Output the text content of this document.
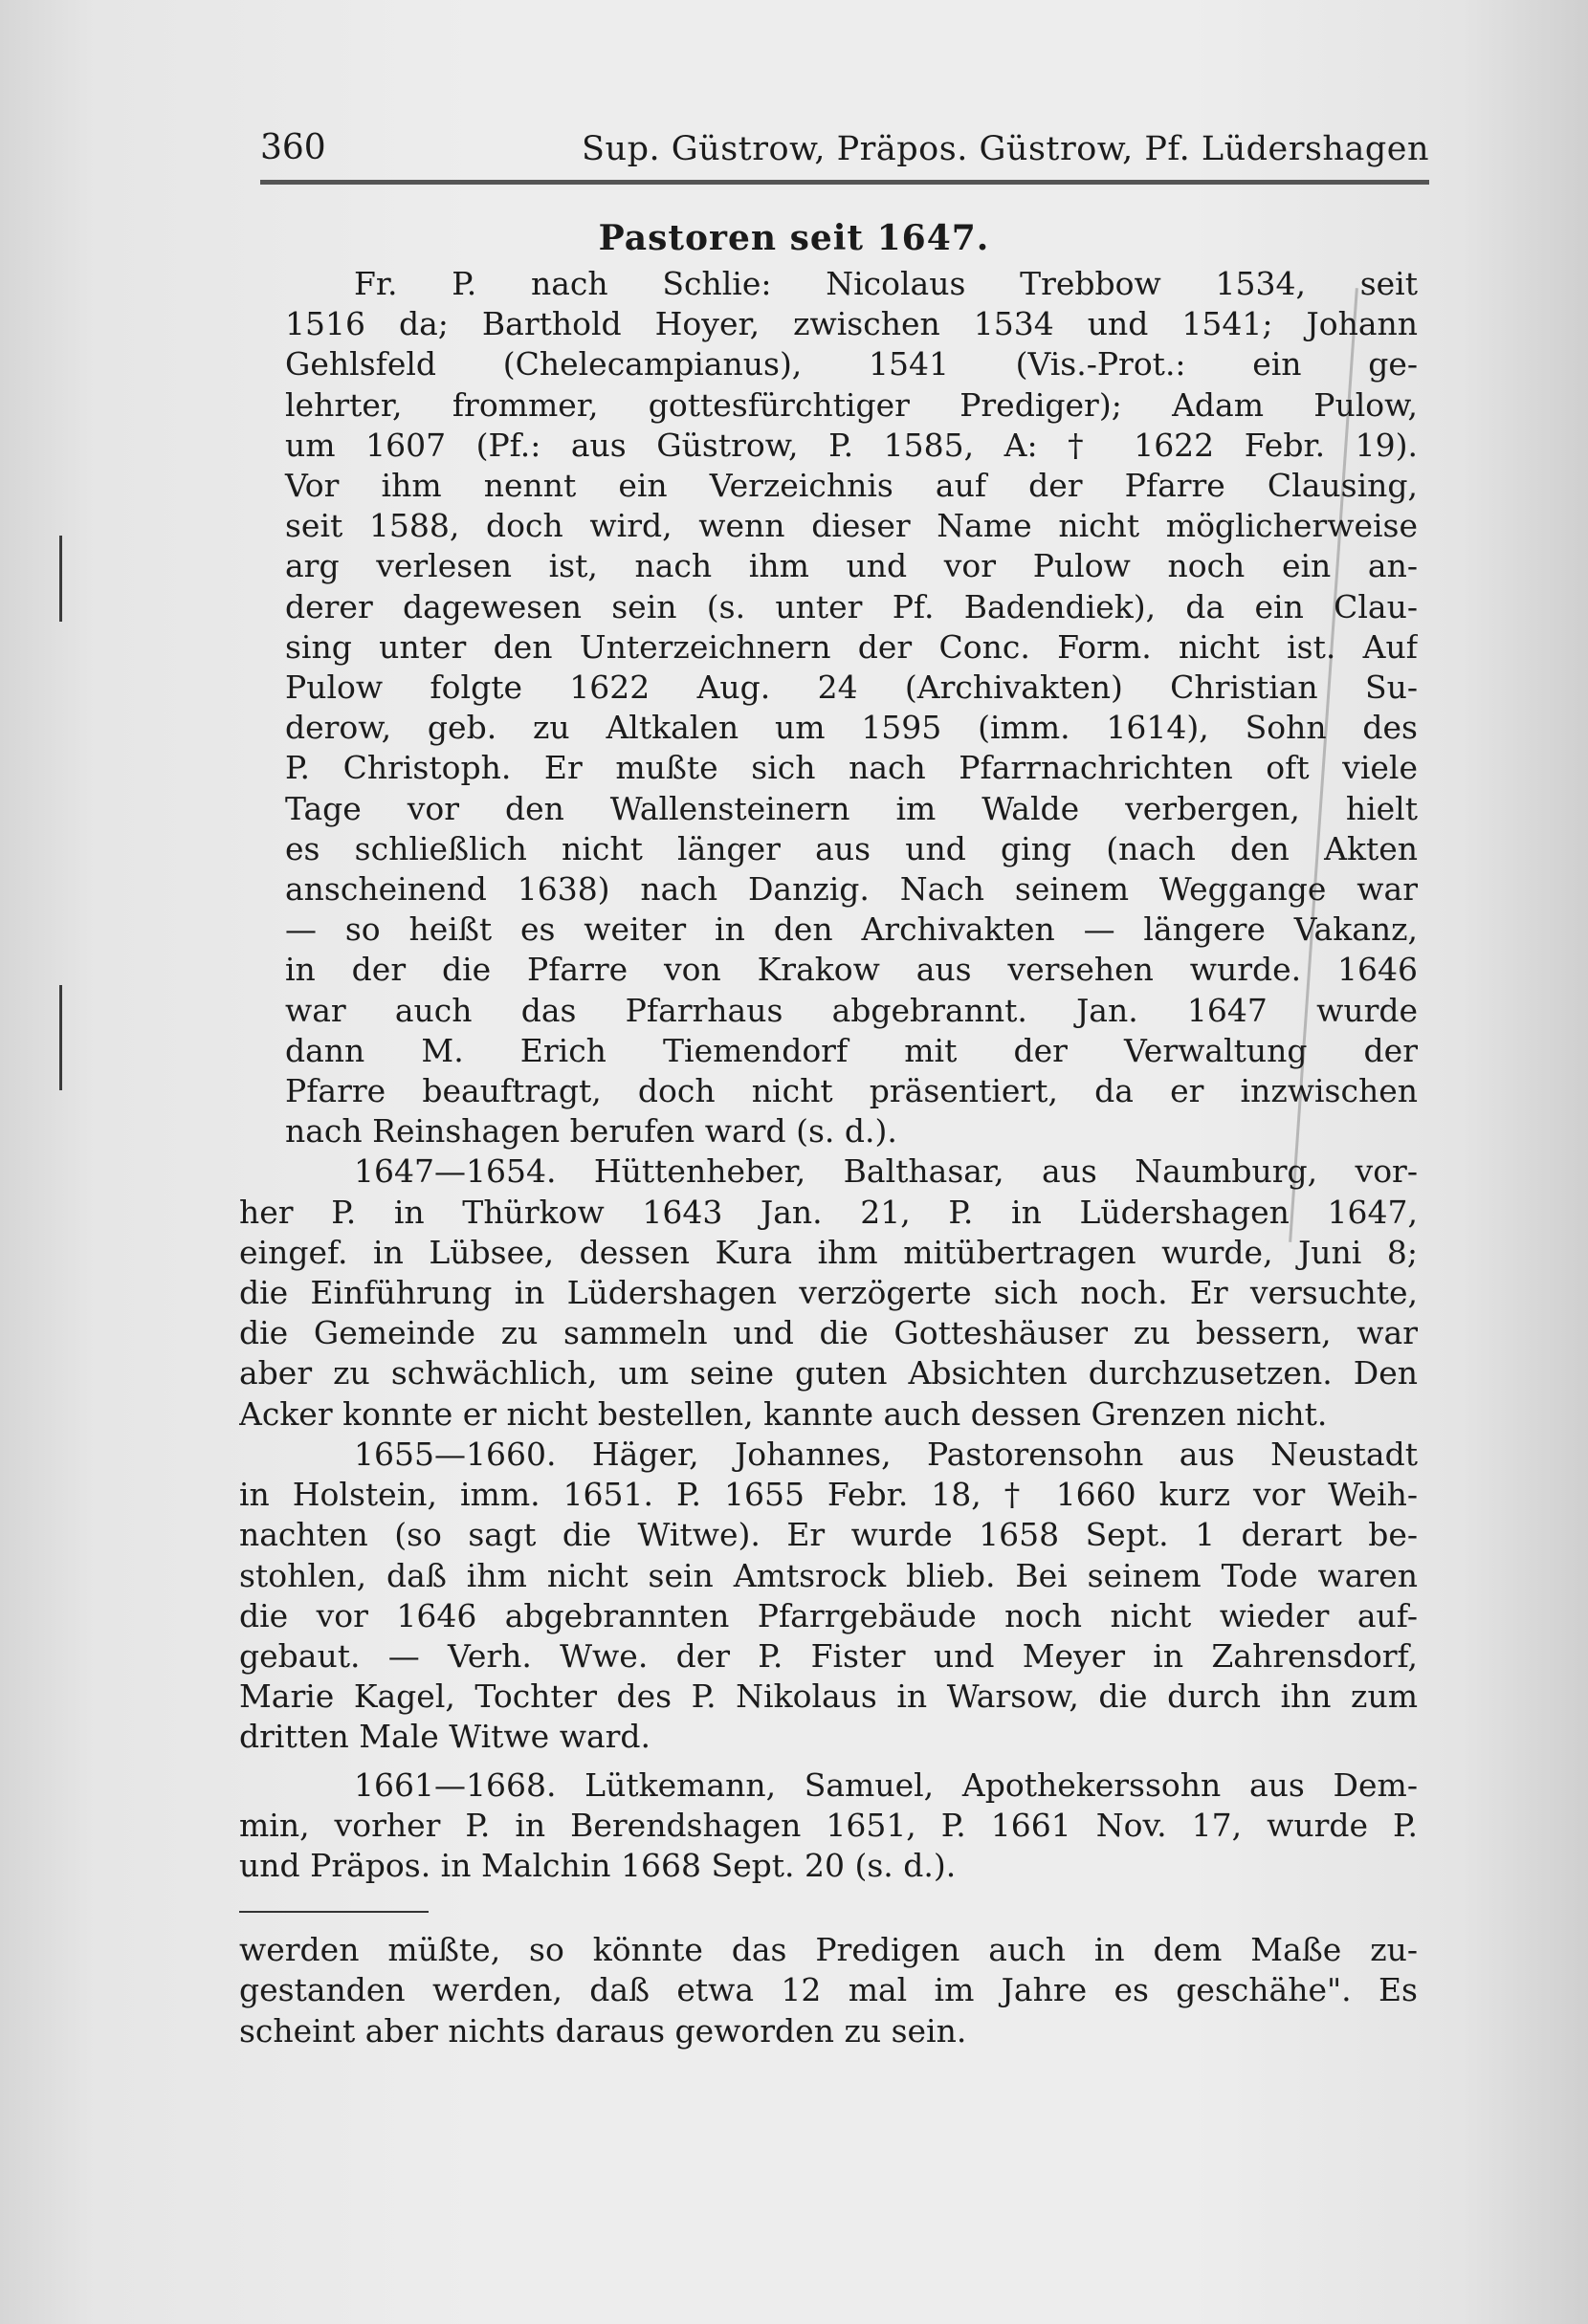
360	Sup. Güstrow, Präpos. Güstrow, Pf. Lüdershagen
Pastoren seit 1647.
Fr. P. nach Schlie: Nicolaus Trebbow 1534, seit
1516 da; Barthold Hoyer, zwischen 1534 und 1541; Johann
Gehlsfeld (Chelecampianus), 1541 (Vis.-Prot.: ein ge-
lehrter, frommer, gottesfürchtiger Prediger); Adam Pulow,
um 1607 (Pf.: aus Güstrow, P. 1585, A: † 1622 Febr. 19).
Vor ihm nennt ein Verzeichnis auf der Pfarre Clausing,
seit 1588, doch wird, wenn dieser Name nicht möglicherweise
arg verlesen ist, nach ihm und vor Pulow noch ein an-
derer dagewesen sein (s. unter Pf. Badendiek), da ein Clau-
sing unter den Unterzeichnern der Conc. Form. nicht ist. Auf
Pulow folgte 1622 Aug. 24 (Archivakten) Christian Su-
derow, geb. zu Altkalen um 1595 (imm. 1614), Sohn des
P. Christoph. Er mußte sich nach Pfarrnachrichten oft viele
Tage vor den Wallensteinern im Walde verbergen, hielt
es schließlich nicht länger aus und ging (nach den Akten
anscheinend 1638) nach Danzig. Nach seinem Weggange war
— so heißt es weiter in den Archivakten — längere Vakanz,
in der die Pfarre von Krakow aus versehen wurde. 1646
war auch das Pfarrhaus abgebrannt. Jan. 1647 wurde
dann M. Erich Tiemendorf mit der Verwaltung der
Pfarre beauftragt, doch nicht präsentiert, da er inzwischen
nach Reinshagen berufen ward (s. d.).
1647—1654. Hüttenheber, Balthasar, aus Naumburg, vor-
her P. in Thürkow 1643 Jan. 21, P. in Lüdershagen 1647,
eingef. in Lübsee, dessen Kura ihm mitübertragen wurde, Juni 8;
die Einführung in Lüdershagen verzögerte sich noch. Er versuchte,
die Gemeinde zu sammeln und die Gotteshäuser zu bessern, war
aber zu schwächlich, um seine guten Absichten durchzusetzen. Den
Acker konnte er nicht bestellen, kannte auch dessen Grenzen nicht.
1655—1660. Häger, Johannes, Pastorensohn aus Neustadt
in Holstein, imm. 1651. P. 1655 Febr. 18, † 1660 kurz vor Weih-
nachten (so sagt die Witwe). Er wurde 1658 Sept. 1 derart be-
stohlen, daß ihm nicht sein Amtsrock blieb. Bei seinem Tode waren
die vor 1646 abgebrannten Pfarrgebäude noch nicht wieder auf-
gebaut. — Verh. Wwe. der P. Fister und Meyer in Zahrensdorf,
Marie Kagel, Tochter des P. Nikolaus in Warsow, die durch ihn zum
dritten Male Witwe ward.
1661—1668. Lütkemann, Samuel, Apothekerssohn aus Dem-
min, vorher P. in Berendshagen 1651, P. 1661 Nov. 17, wurde P.
und Präpos. in Malchin 1668 Sept. 20 (s. d.).
werden müßte, so könnte das Predigen auch in dem Maße zu-
gestanden werden, daß etwa 12 mal im Jahre es geschähe". Es
scheint aber nichts daraus geworden zu sein.
